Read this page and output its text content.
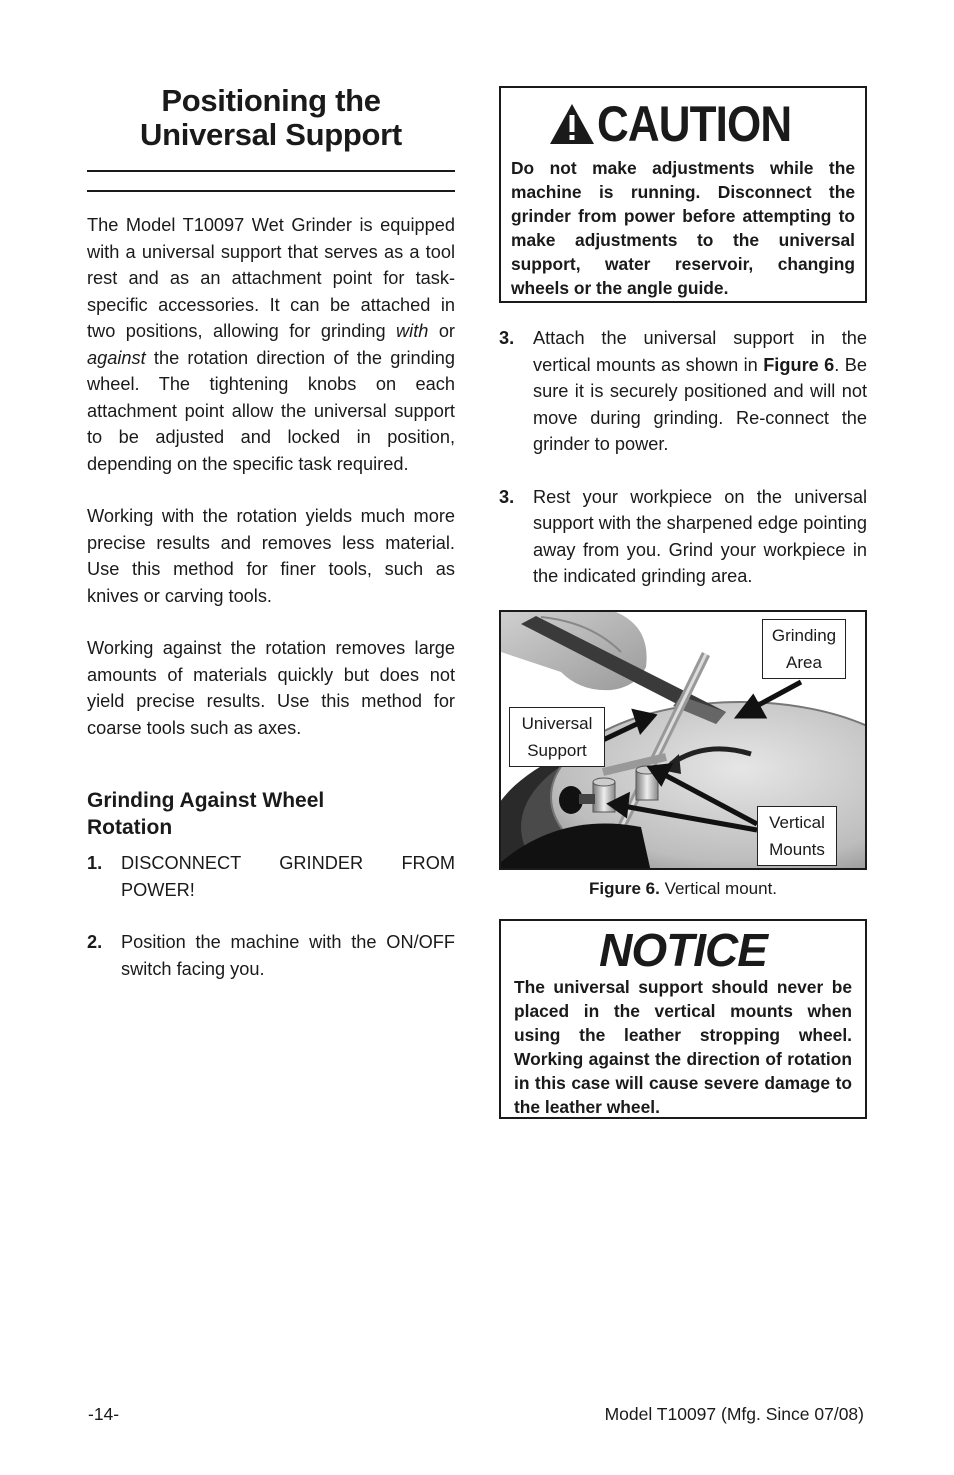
Positioning the
Universal Support

The Model T10097 Wet Grinder is equipped with a universal support that serves as a tool rest and as an attachment point for task-specific accessories. It can be attached in two positions, allowing for grinding with or against the rotation direction of the grinding wheel. The tightening knobs on each attachment point allow the universal support to be adjusted and locked in position, depending on the specific task required.

Working with the rotation yields much more precise results and removes less material. Use this method for finer tools, such as knives or carving tools.

Working against the rotation removes large amounts of materials quickly but does not yield precise results. Use this method for coarse tools such as axes.

Grinding Against Wheel Rotation
1.	DISCONNECT GRINDER FROM POWER!
2.	Position the machine with the ON/OFF switch facing you.
CAUTION

Do not make adjustments while the machine is running. Disconnect the grinder from power before attempting to make adjustments to the universal support, water reservoir, changing wheels or the angle guide.

3.	Attach the universal support in the vertical mounts as shown in Figure 6. Be sure it is securely positioned and will not move during grinding. Re-connect the grinder to power.
3.	Rest your workpiece on the universal support with the sharpened edge pointing away from you. Grind your workpiece in the indicated grinding area.
Grinding
Area
Universal
Support
Vertical
Mounts
Figure 6. Vertical mount.
NOTICE

The universal support should never be placed in the vertical mounts when using the leather stropping wheel. Working against the direction of rotation in this case will cause severe damage to the leather wheel.

-14-	Model T10097 (Mfg. Since 07/08)
